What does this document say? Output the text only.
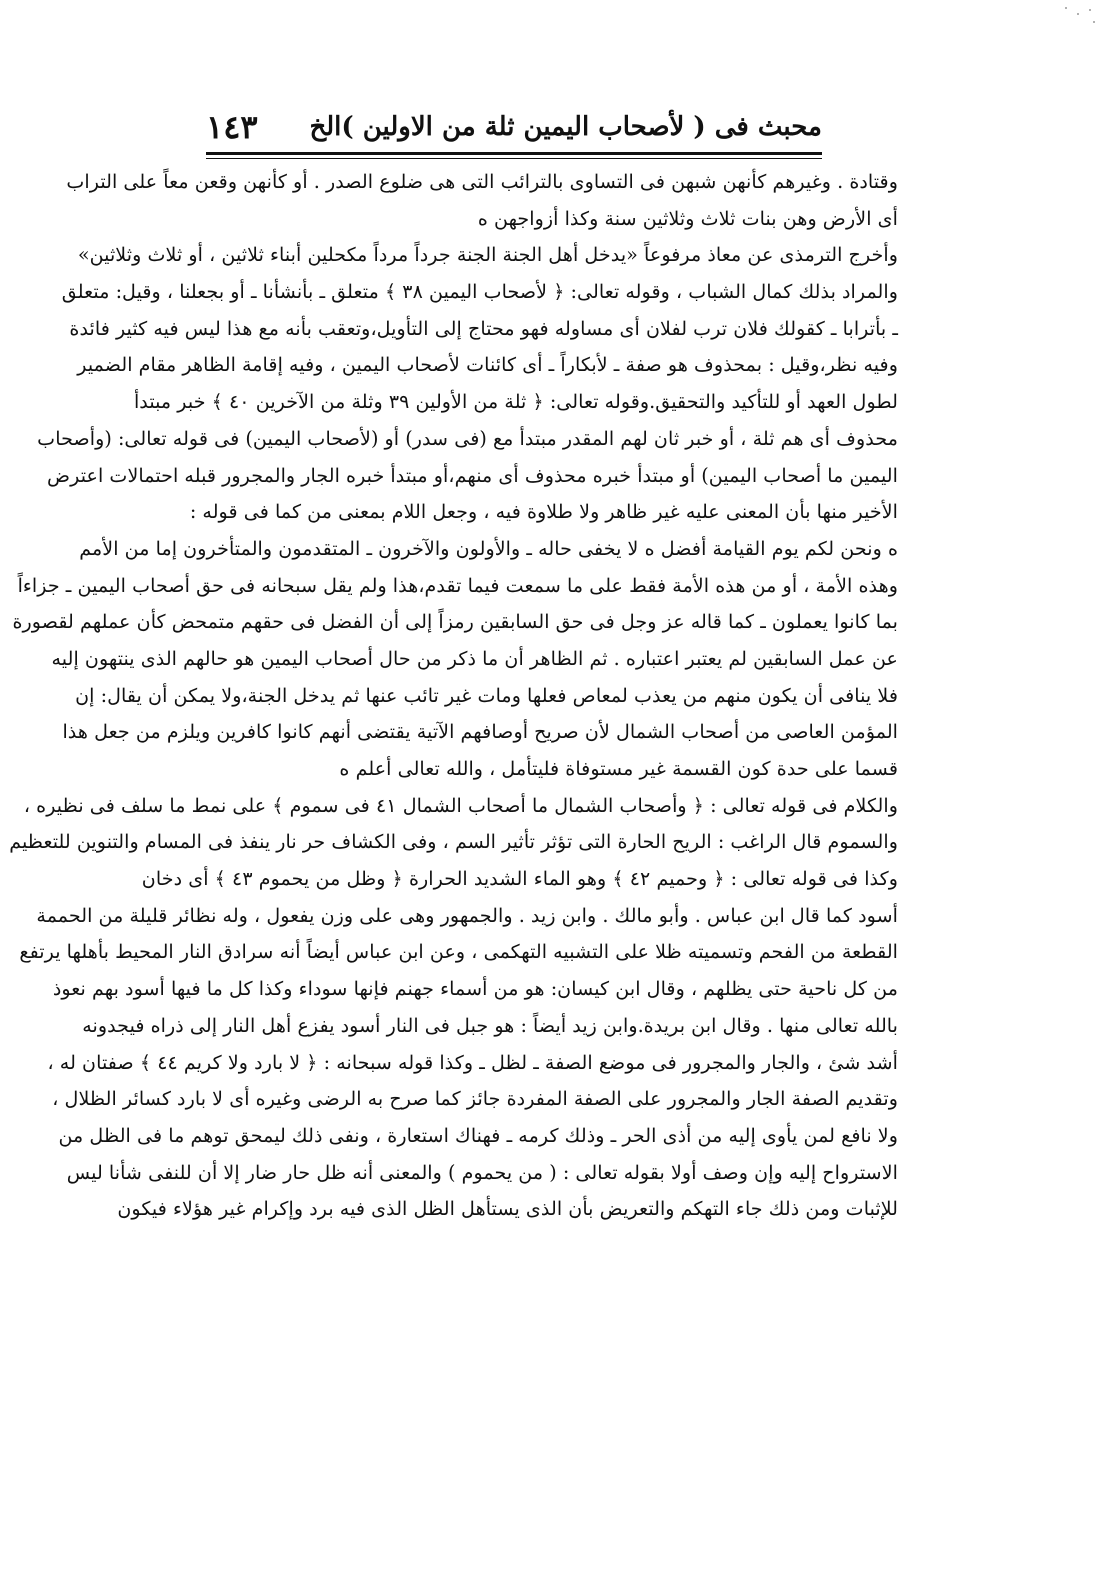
محبث فى ( لأصحاب اليمين ثلة من الاولين )الخ
١٤٣
وقتادة . وغيرهم كأنهن شبهن فى التساوى بالترائب التى هى ضلوع الصدر . أو كأنهن وقعن معاً على التراب
أى الأرض وهن بنات ثلاث وثلاثين سنة وكذا أزواجهن ه
وأخرج الترمذى عن معاذ مرفوعاً «يدخل أهل الجنة الجنة جرداً مرداً مكحلين أبناء ثلاثين ، أو ثلاث وثلاثين»
والمراد بذلك كمال الشباب ، وقوله تعالى: ﴿ لأصحاب اليمين ٣٨ ﴾ متعلق ـ بأنشأنا ـ أو بجعلنا ، وقيل: متعلق
ـ بأترابا ـ كقولك فلان ترب لفلان أى مساوله فهو محتاج إلى التأويل،وتعقب بأنه مع هذا ليس فيه كثير فائدة
وفيه نظر،وقيل : بمحذوف هو صفة ـ لأبكاراً ـ أى كائنات لأصحاب اليمين ، وفيه إقامة الظاهر مقام الضمير
لطول العهد أو للتأكيد والتحقيق.وقوله تعالى: ﴿ ثلة من الأولين ٣٩ وثلة من الآخرين ٤٠ ﴾ خبر مبتدأ
محذوف أى هم ثلة ، أو خبر ثان لهم المقدر مبتدأ مع (فى سدر) أو (لأصحاب اليمين) فى قوله تعالى: (وأصحاب
اليمين ما أصحاب اليمين) أو مبتدأ خبره محذوف أى منهم،أو مبتدأ خبره الجار والمجرور قبله احتمالات اعترض
الأخير منها بأن المعنى عليه غير ظاهر ولا طلاوة فيه ، وجعل اللام بمعنى من كما فى قوله :
ه ونحن لكم يوم القيامة أفضل ه لا يخفى حاله ـ والأولون والآخرون ـ المتقدمون والمتأخرون إما من الأمم
وهذه الأمة ، أو من هذه الأمة فقط على ما سمعت فيما تقدم،هذا ولم يقل سبحانه فى حق أصحاب اليمين ـ جزاءاً
بما كانوا يعملون ـ كما قاله عز وجل فى حق السابقين رمزاً إلى أن الفضل فى حقهم متمحض كأن عملهم لقصورة
عن عمل السابقين لم يعتبر اعتباره . ثم الظاهر أن ما ذكر من حال أصحاب اليمين هو حالهم الذى ينتهون إليه
فلا ينافى أن يكون منهم من يعذب لمعاص فعلها ومات غير تائب عنها ثم يدخل الجنة،ولا يمكن أن يقال: إن
المؤمن العاصى من أصحاب الشمال لأن صريح أوصافهم الآتية يقتضى أنهم كانوا كافرين ويلزم من جعل هذا
قسما على حدة كون القسمة غير مستوفاة فليتأمل ، والله تعالى أعلم ه
والكلام فى قوله تعالى : ﴿ وأصحاب الشمال ما أصحاب الشمال ٤١ فى سموم ﴾ على نمط ما سلف فى نظيره ،
والسموم قال الراغب : الريح الحارة التى تؤثر تأثير السم ، وفى الكشاف حر نار ينفذ فى المسام والتنوين للتعظيم
وكذا فى قوله تعالى : ﴿ وحميم ٤٢ ﴾ وهو الماء الشديد الحرارة ﴿ وظل من يحموم ٤٣ ﴾ أى دخان
أسود كما قال ابن عباس . وأبو مالك . وابن زيد . والجمهور وهى على وزن يفعول ، وله نظائر قليلة من الحممة
القطعة من الفحم وتسميته ظلا على التشبيه التهكمى ، وعن ابن عباس أيضاً أنه سرادق النار المحيط بأهلها يرتفع
من كل ناحية حتى يظلهم ، وقال ابن كيسان: هو من أسماء جهنم فإنها سوداء وكذا كل ما فيها أسود بهم نعوذ
بالله تعالى منها . وقال ابن بريدة.وابن زيد أيضاً : هو جبل فى النار أسود يفزع أهل النار إلى ذراه فيجدونه
أشد شئ ، والجار والمجرور فى موضع الصفة ـ لظل ـ وكذا قوله سبحانه : ﴿ لا بارد ولا كريم ٤٤ ﴾ صفتان له ،
وتقديم الصفة الجار والمجرور على الصفة المفردة جائز كما صرح به الرضى وغيره أى لا بارد كسائر الظلال ،
ولا نافع لمن يأوى إليه من أذى الحر ـ وذلك كرمه ـ فهناك استعارة ، ونفى ذلك ليمحق توهم ما فى الظل من
الاسترواح إليه وإن وصف أولا بقوله تعالى : ( من يحموم ) والمعنى أنه ظل حار ضار إلا أن للنفى شأنا ليس
للإثبات ومن ذلك جاء التهكم والتعريض بأن الذى يستأهل الظل الذى فيه برد وإكرام غير هؤلاء فيكون
